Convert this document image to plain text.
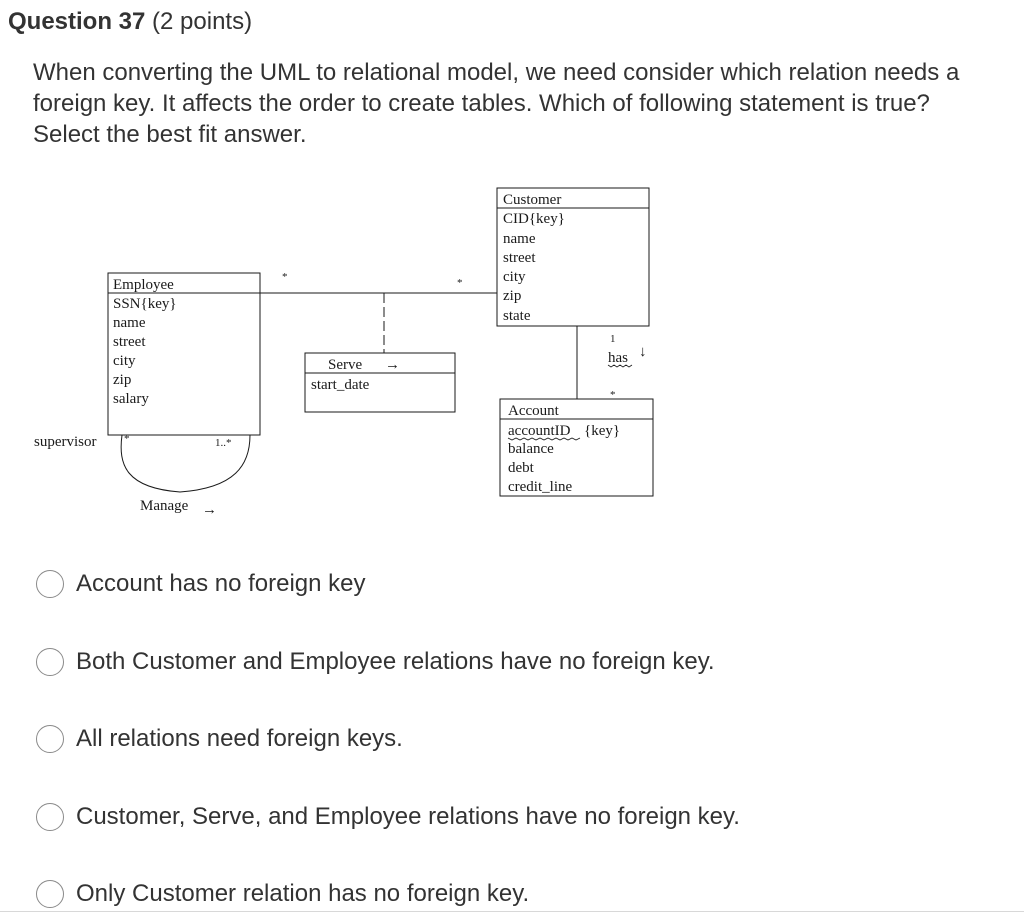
Question 37 (2 points)
When converting the UML to relational model, we need consider which relation needs a foreign key. It affects the order to create tables. Which of following statement is true? Select the best fit answer.
Employee
SSN{key}
name
street
city
zip
salary
Customer
CID{key}
name
street
city
zip
state
Serve →
start_date
Account
accountID {key}
balance
debt
credit_line
*	*
1
has ↓
*
supervisor	*	1..*
Manage →
Account has no foreign key
Both Customer and Employee relations have no foreign key.
All relations need foreign keys.
Customer, Serve, and Employee relations have no foreign key.
Only Customer relation has no foreign key.
